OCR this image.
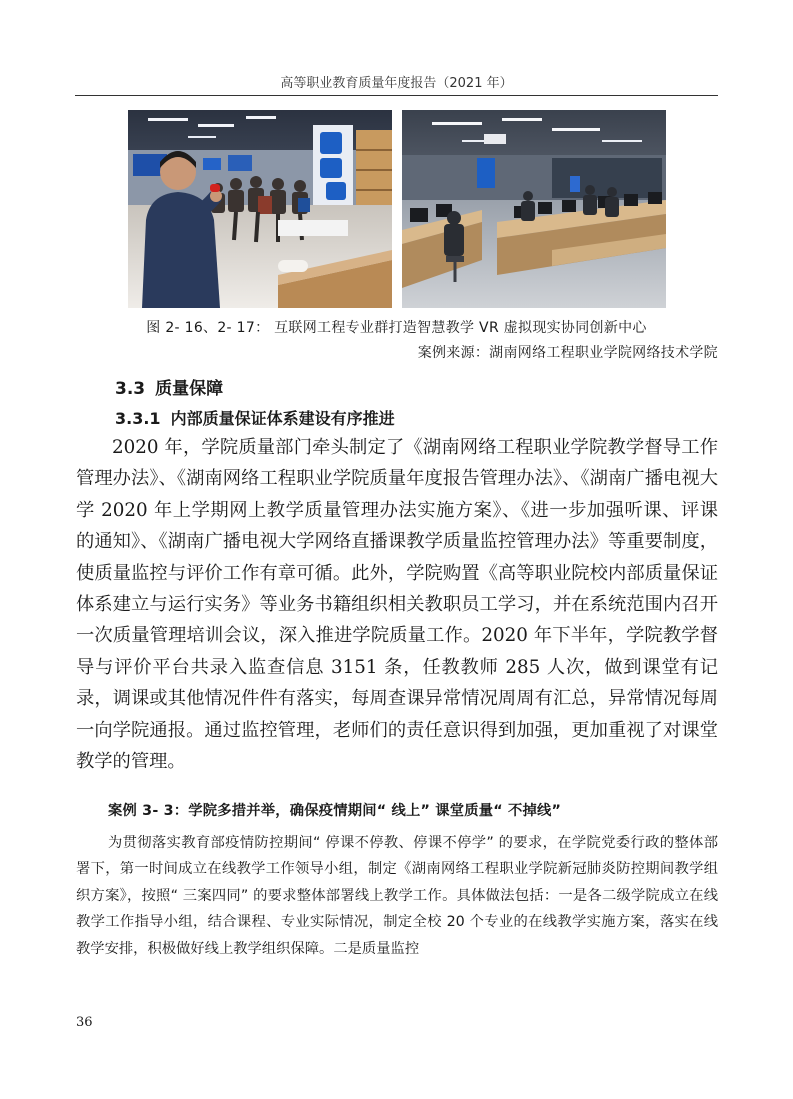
高等职业教育质量年度报告（2021 年）
图 2- 16、2- 17： 互联网工程专业群打造智慧教学 VR 虚拟现实协同创新中心
案例来源：湖南网络工程职业学院网络技术学院
3.3 质量保障
3.3.1 内部质量保证体系建设有序推进

2020 年，学院质量部门牵头制定了《湖南网络工程职业学院教学督导工作管理办法》、《湖南网络工程职业学院质量年度报告管理办法》、《湖南广播电视大学 2020 年上学期网上教学质量管理办法实施方案》、《进一步加强听课、评课的通知》、《湖南广播电视大学网络直播课教学质量监控管理办法》等重要制度，使质量监控与评价工作有章可循。此外，学院购置《高等职业院校内部质量保证体系建立与运行实务》等业务书籍组织相关教职员工学习，并在系统范围内召开一次质量管理培训会议，深入推进学院质量工作。2020 年下半年，学院教学督导与评价平台共录入监查信息 3151 条，任教教师 285 人次，做到课堂有记录，调课或其他情况件件有落实，每周查课异常情况周周有汇总，异常情况每周一向学院通报。通过监控管理，老师们的责任意识得到加强，更加重视了对课堂教学的管理。

案例 3- 3：学院多措并举，确保疫情期间“ 线上” 课堂质量“ 不掉线”

为贯彻落实教育部疫情防控期间“ 停课不停教、停课不停学” 的要求，在学院党委行政的整体部署下，第一时间成立在线教学工作领导小组，制定《湖南网络工程职业学院新冠肺炎防控期间教学组织方案》，按照“ 三案四同” 的要求整体部署线上教学工作。具体做法包括：一是各二级学院成立在线教学工作指导小组，结合课程、专业实际情况，制定全校 20 个专业的在线教学实施方案，落实在线教学安排，积极做好线上教学组织保障。二是质量监控

36
